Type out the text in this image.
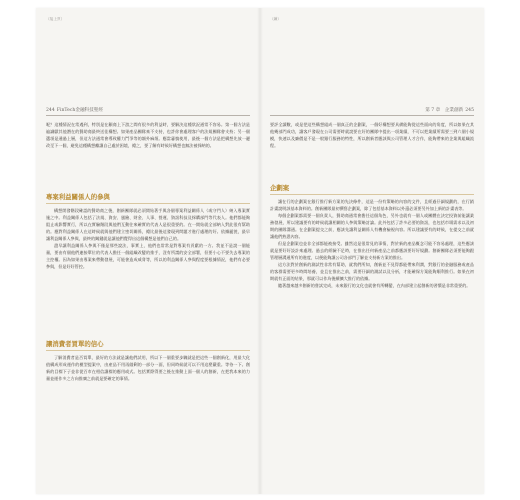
（接上頁）
244 FinTech金融科技聖經

呢？這種情況在常遇到，特別是在顧商上下游之間有很多的利益時，要解決這種狀況通常不容易。第一個方法是遍識獻其他潛在的贊助商最終送佳構想。如果產品團隊來不支持，也許你會處理客戶的法規團隊會支持；另一個選項是通過上層，但這方法通常會導致權力鬥爭等的額外麻煩。應當審慎使用，最後一個方法是把構想先放一邊改至下一個，避免這種構想離讓自己處於困境，總之，要了解有時候好構想也無法被採納的。

專案利益關係人的參與

構想開發階段確認的贊助商之後，創新團隊就必須開始著手與各個專案利益關係人（或守門人）納入專案實施之中。利益關係人包括了法規、資安、風險、財金、人事、營運、資訊科技及採購部門等代表人。他們都能夠阻止或影響實行，所以在實驗階段與他們互動往來確實的代表人是很重要的。在一開始就全部納入對此很有幫助的。應對利益關係人在這時候就與他們建立密切關係，總比最後這發現到問題才進行處理的好。依據麗貌，最早讓利益關係人參與，最終的關鍵就是讓他們覺得出這個構想是他們自己的。

盡早讓利益關係人參與不僅是那些說法，事實上，他們也常常是對專案有貢獻的一方。我並不是說一個能量，要由有個他們連接單位的代表人擔任一個組織改變的推手，沒有所謂的安全部署，但要小心不要失去專案的主控權。因為如果由專案來帶動發展，可能會造成威脅等，所以的利益關係人參與程度要根據情況，他們有必要參與，但是好好管控。

讓消費者買單的信心

了解消費者是否買單，最好的方法就是讓他們試用，所以下一個重要步驟就是把這些一個創新化，用最大化值構成形成運作的模型提案中，由產品不用再做剩的一部分一面，但同時候就可以不用這麼嚴重。等待一下。創新的目標下子並非從百市在相信讓標的應用或式。包括實際得要之後在推動上面一個人的創新，在把我本來的力量並運作多之方向推廣之前就是要確定的事情。

（續）
第 7 章　企業創新 245

要評全讀數，或是把這些構想組成一個真正的企劃案，一個好構想要具備能夠從這些面向的角度，所以如果在其他幾部門成功，讓客戶發現在公司需要時就說要在好的團隊中提出一項業績，不可以把業績所需要三到六個小規模，快速以及廉價是不是一般銀行服務的特性，所以創新者應該與公司管理人才合作，能夠帶來的企業與組織流程。

企劃案

讓在行的企劃案在銀行推行新方案的先決條件，這是一份有策略的內容的文件，且經過仔細規劃的，在行銷計畫說明該基本資料的。創新團隊最初撰寫企劃案，除了包括基本資料以外還必須要另外加上新的計畫表等。

每個企劃案都需要一個負責人，贊助商通常會擔任這個角色，另外也就有一個人或團體在決定投資前能讓業務發展，所以建議要有的時候就讓相關的人參與策略討論。此外包括了許多必要的資訊，也包括市場需求以及初期的團隊溝通。在企劃案提交之前，應該先讓利益關係人有機會檢視內容。所以建議要有的時候，在提交之前就讓他們熟悉內容。

但是企劃案也並非全部都能被接受。雖然這是很常見的事情，對於新的產品概念可能不容易處理，這些應該就是要好好設計來處理。過去的經驗不足時，在推出任何新產品之前都應該要好好規劃。創新團隊必須要能夠跟管理層溝通所有的進度，以便能夠讓公司各部門了解並支持新方案的推出。

這方法對於創新的測試性非常有幫助，就我們所知，創新並不見得都能帶來利潤，對銀行的金融服務或產品的客群需要更多時間培養，並且在推出之前，需要仔細的測試以及分析，才能確保方案能夠順利推行。如果在初期就有正面的結果，那就可以作為後續擴大推行的依據。

隨著越來越多創新的嘗試完成，未來銀行的文化也就會有所轉變，在內部建立起創新的習慣是非常重要的。
